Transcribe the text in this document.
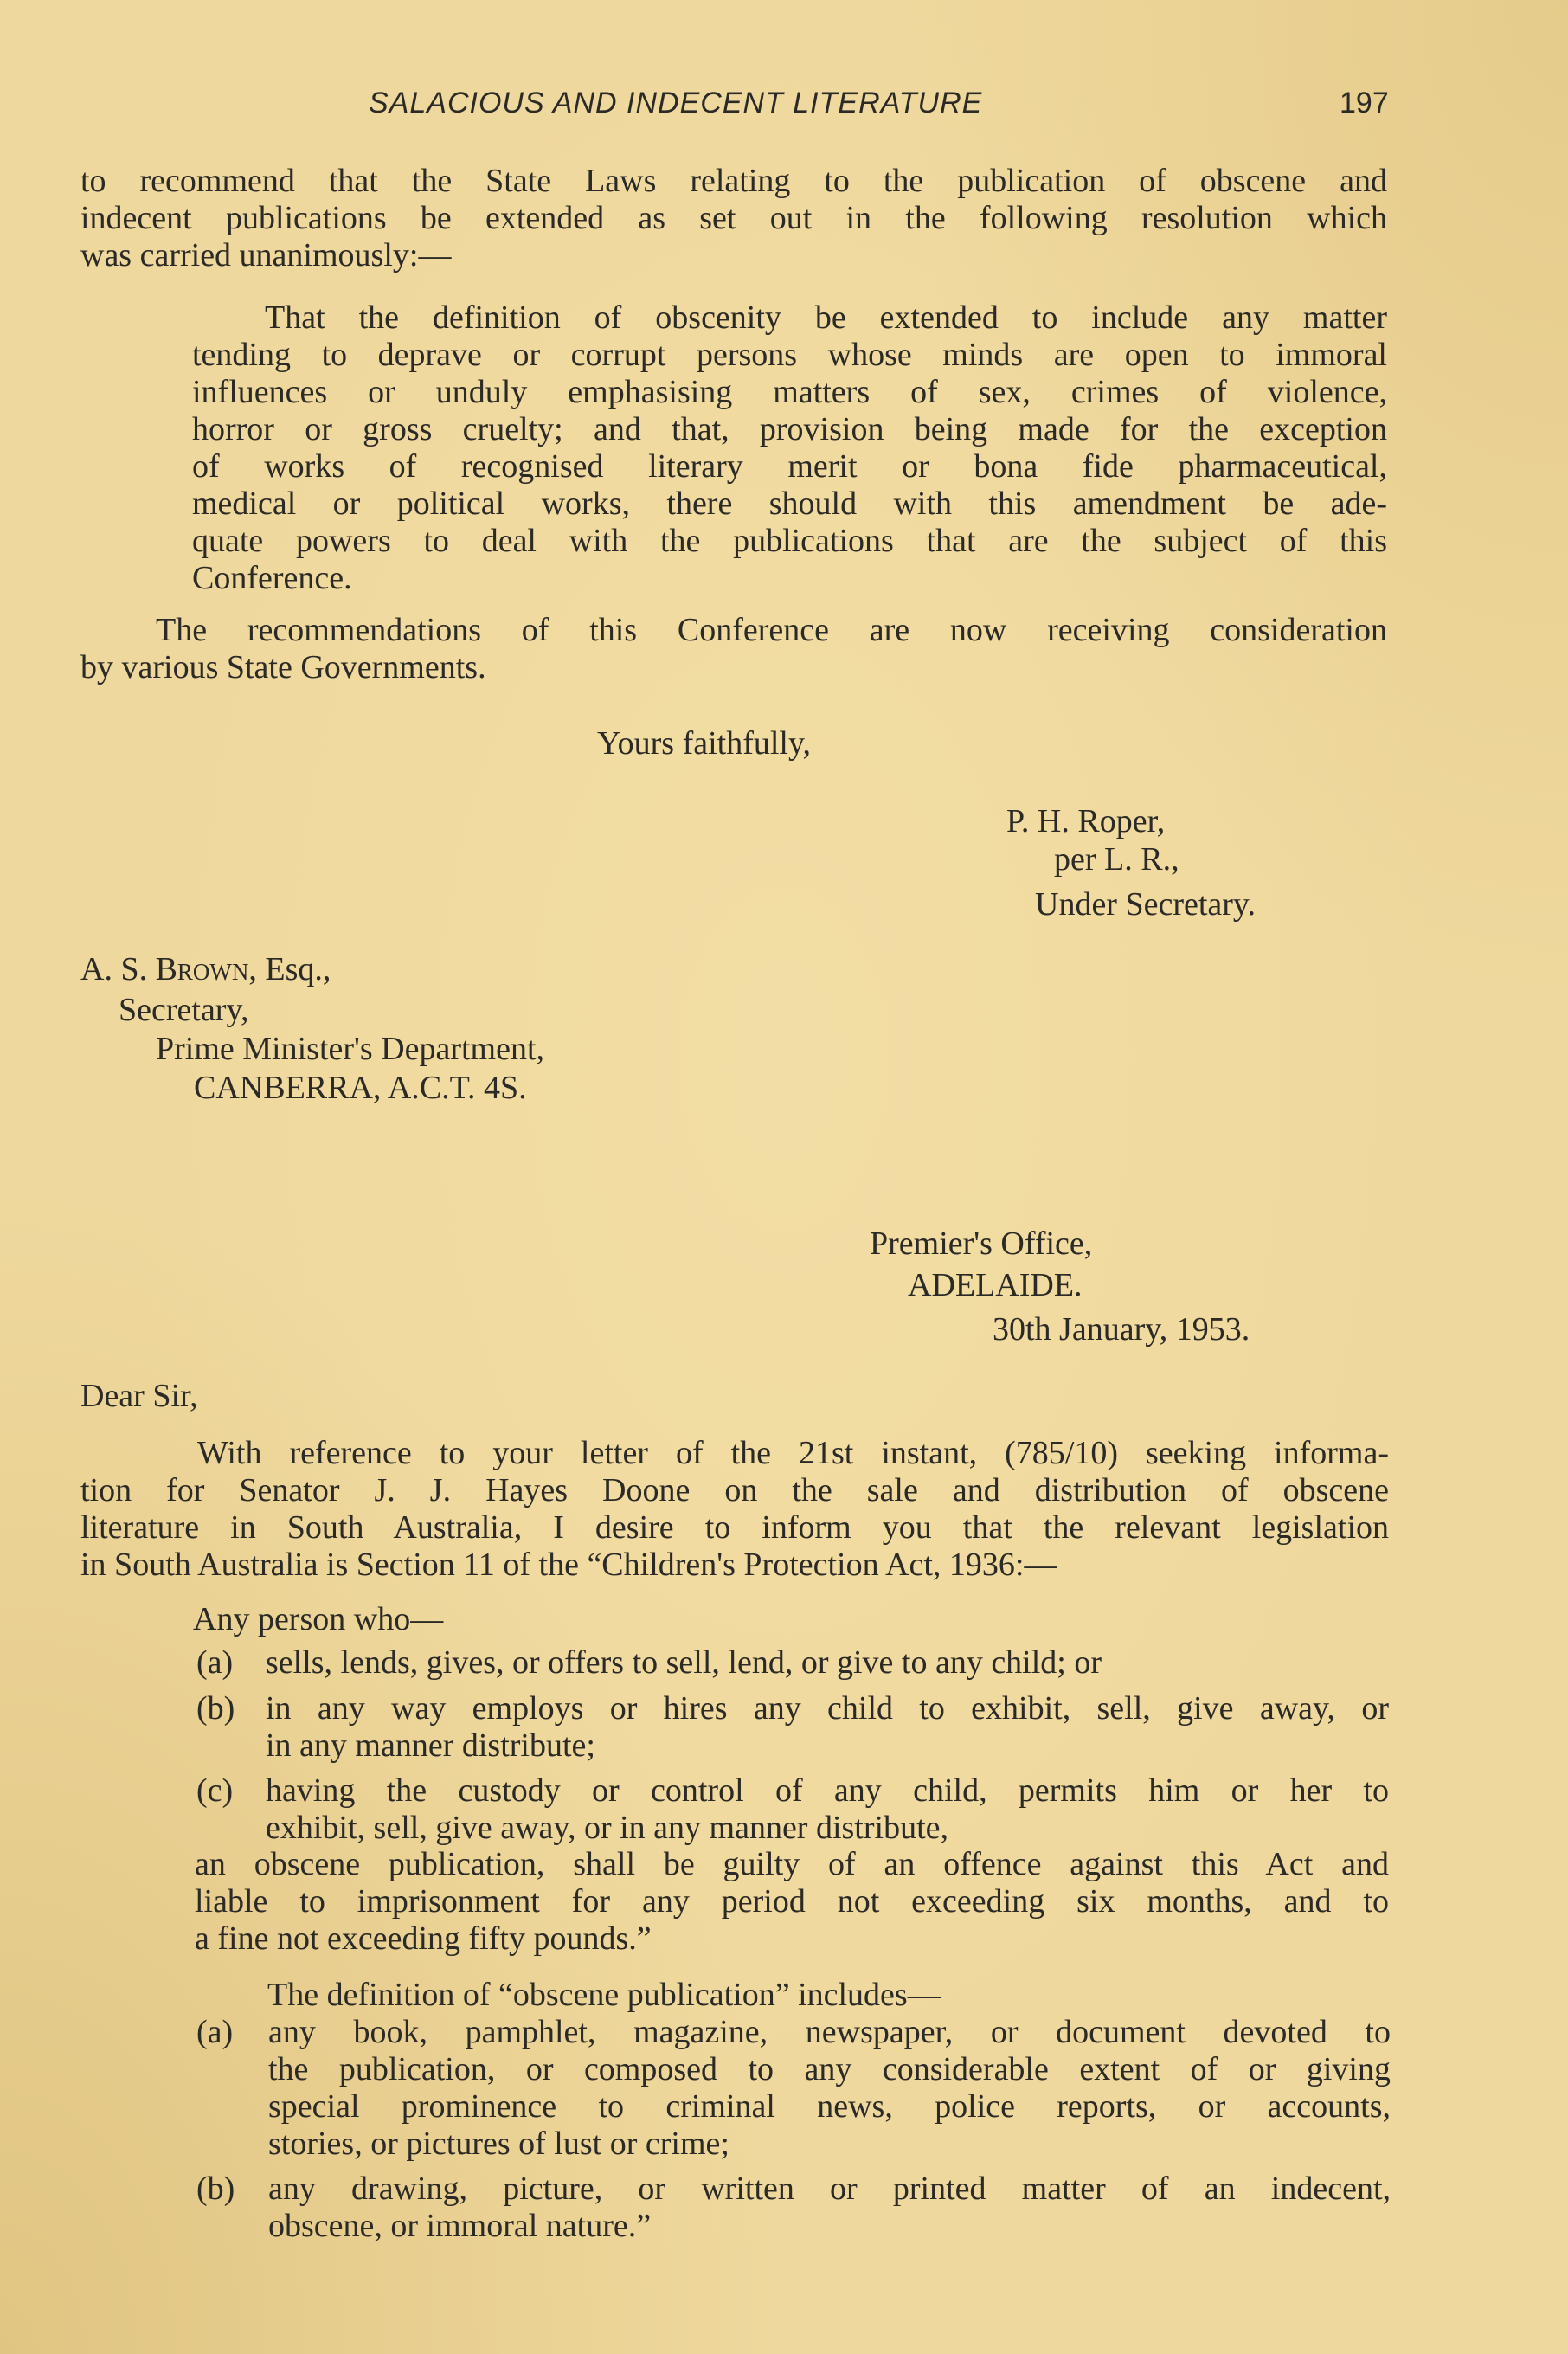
SALACIOUS AND INDECENT LITERATURE	197
to recommend that the State Laws relating to the publication of obscene and
indecent publications be extended as set out in the following resolution which
was carried unanimously:—
That the definition of obscenity be extended to include any matter
tending to deprave or corrupt persons whose minds are open to immoral
influences or unduly emphasising matters of sex, crimes of violence,
horror or gross cruelty; and that, provision being made for the exception
of works of recognised literary merit or bona fide pharmaceutical,
medical or political works, there should with this amendment be ade-
quate powers to deal with the publications that are the subject of this
Conference.
The recommendations of this Conference are now receiving consideration
by various State Governments.
Yours faithfully,
P. H. Roper,
per L. R.,
Under Secretary.
A. S. Brown, Esq.,
Secretary,
Prime Minister's Department,
CANBERRA, A.C.T. 4S.
Premier's Office,
ADELAIDE.
30th January, 1953.
Dear Sir,
With reference to your letter of the 21st instant, (785/10) seeking informa-
tion for Senator J. J. Hayes Doone on the sale and distribution of obscene
literature in South Australia, I desire to inform you that the relevant legislation
in South Australia is Section 11 of the “Children's Protection Act, 1936:—
Any person who—
(a) sells, lends, gives, or offers to sell, lend, or give to any child; or
(b) in any way employs or hires any child to exhibit, sell, give away, or
in any manner distribute;
(c) having the custody or control of any child, permits him or her to
exhibit, sell, give away, or in any manner distribute,
an obscene publication, shall be guilty of an offence against this Act and
liable to imprisonment for any period not exceeding six months, and to
a fine not exceeding fifty pounds.”
The definition of “obscene publication” includes—
(a) any book, pamphlet, magazine, newspaper, or document devoted to
the publication, or composed to any considerable extent of or giving
special prominence to criminal news, police reports, or accounts,
stories, or pictures of lust or crime;
(b) any drawing, picture, or written or printed matter of an indecent,
obscene, or immoral nature.”
